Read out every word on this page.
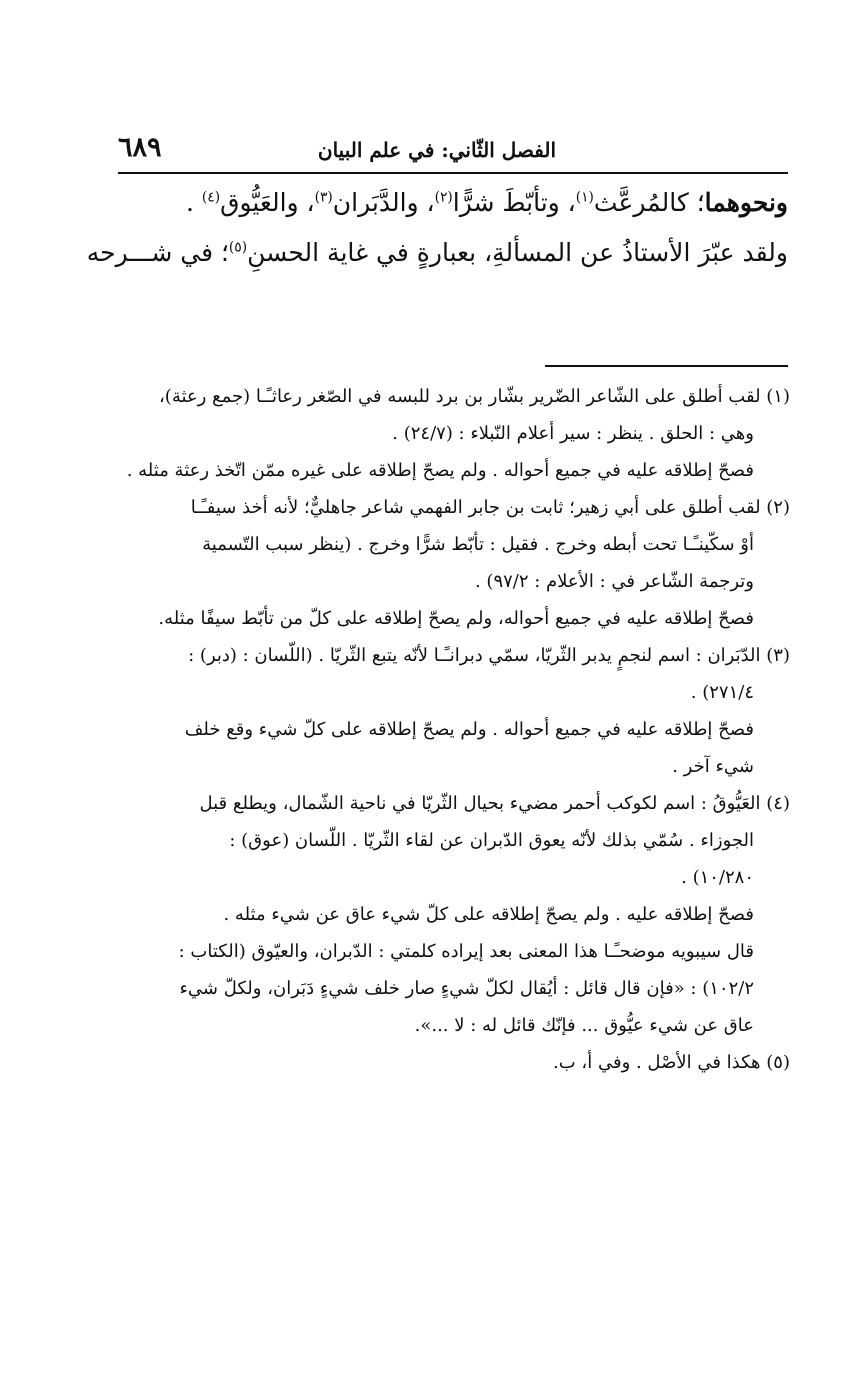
الفصل الثّاني: في علم البيان
٦٨٩
ونحوهما؛ كالمُرعَّث$^{(١)}$، وتأبّطَ شرًّا$^{(٢)}$، والدَّبَران$^{(٣)}$، والعَيُّوق$^{(٤)}$ .
ولقد عبّرَ الأستاذُ عن المسألةِ، بعبارةٍ في غاية الحسنِ$^{(٥)}$؛ في شـــرحه
(١) لقب أطلق على الشّاعر الضّرير بشّار بن برد للبسه في الصّغر رعاثـًـا (جمع رعثة)،
وهي : الحلق . ينظر : سير أعلام النّبلاء : (٢٤/٧) .
فصحّ إطلاقه عليه في جميع أحواله . ولم يصحّ إطلاقه على غيره ممّن اتّخذ رعثة مثله .
(٢) لقب أطلق على أبي زهير؛ ثابت بن جابر الفهمي شاعر جاهليٌّ؛ لأنه أخذ سيفـًـا
أوْ سكّينـًـا تحت أبطه وخرج . فقيل : تأبّط شرًّا وخرج . (ينظر سبب التّسمية
وترجمة الشّاعر في : الأعلام : ٩٧/٢) .
فصحّ إطلاقه عليه في جميع أحواله، ولم يصحّ إطلاقه على كلّ من تأبّط سيفًا مثله.
(٣) الدّبَران : اسم لنجمٍ يدبر الثّريّا، سمّي دبرانـًـا لأنّه يتبع الثّريّا . (اللّسان : (دبر) :
٢٧١/٤) .
فصحّ إطلاقه عليه في جميع أحواله . ولم يصحّ إطلاقه على كلّ شيء وقع خلف
شيء آخر .
(٤) العَيُّوقُ : اسم لكوكب أحمر مضيء بحيال الثّريّا في ناحية الشّمال، ويطلع قبل
الجوزاء . سُمّي بذلك لأنّه يعوق الدّبران عن لقاء الثّريّا . اللّسان (عوق) :
١٠/٢٨٠) .
فصحّ إطلاقه عليه . ولم يصحّ إطلاقه على كلّ شيء عاق عن شيء مثله .
قال سيبويه موضحـًـا هذا المعنى بعد إيراده كلمتي : الدّبران، والعيّوق (الكتاب :
١٠٢/٢) : «فإن قال قائل : أيُقال لكلّ شيءٍ صار خلف شيءٍ دَبَران، ولكلّ شيء
عاق عن شيء عيُّوق ... فإنّك قائل له : لا ...».
(٥) هكذا في الأصْل . وفي أ، ب.
